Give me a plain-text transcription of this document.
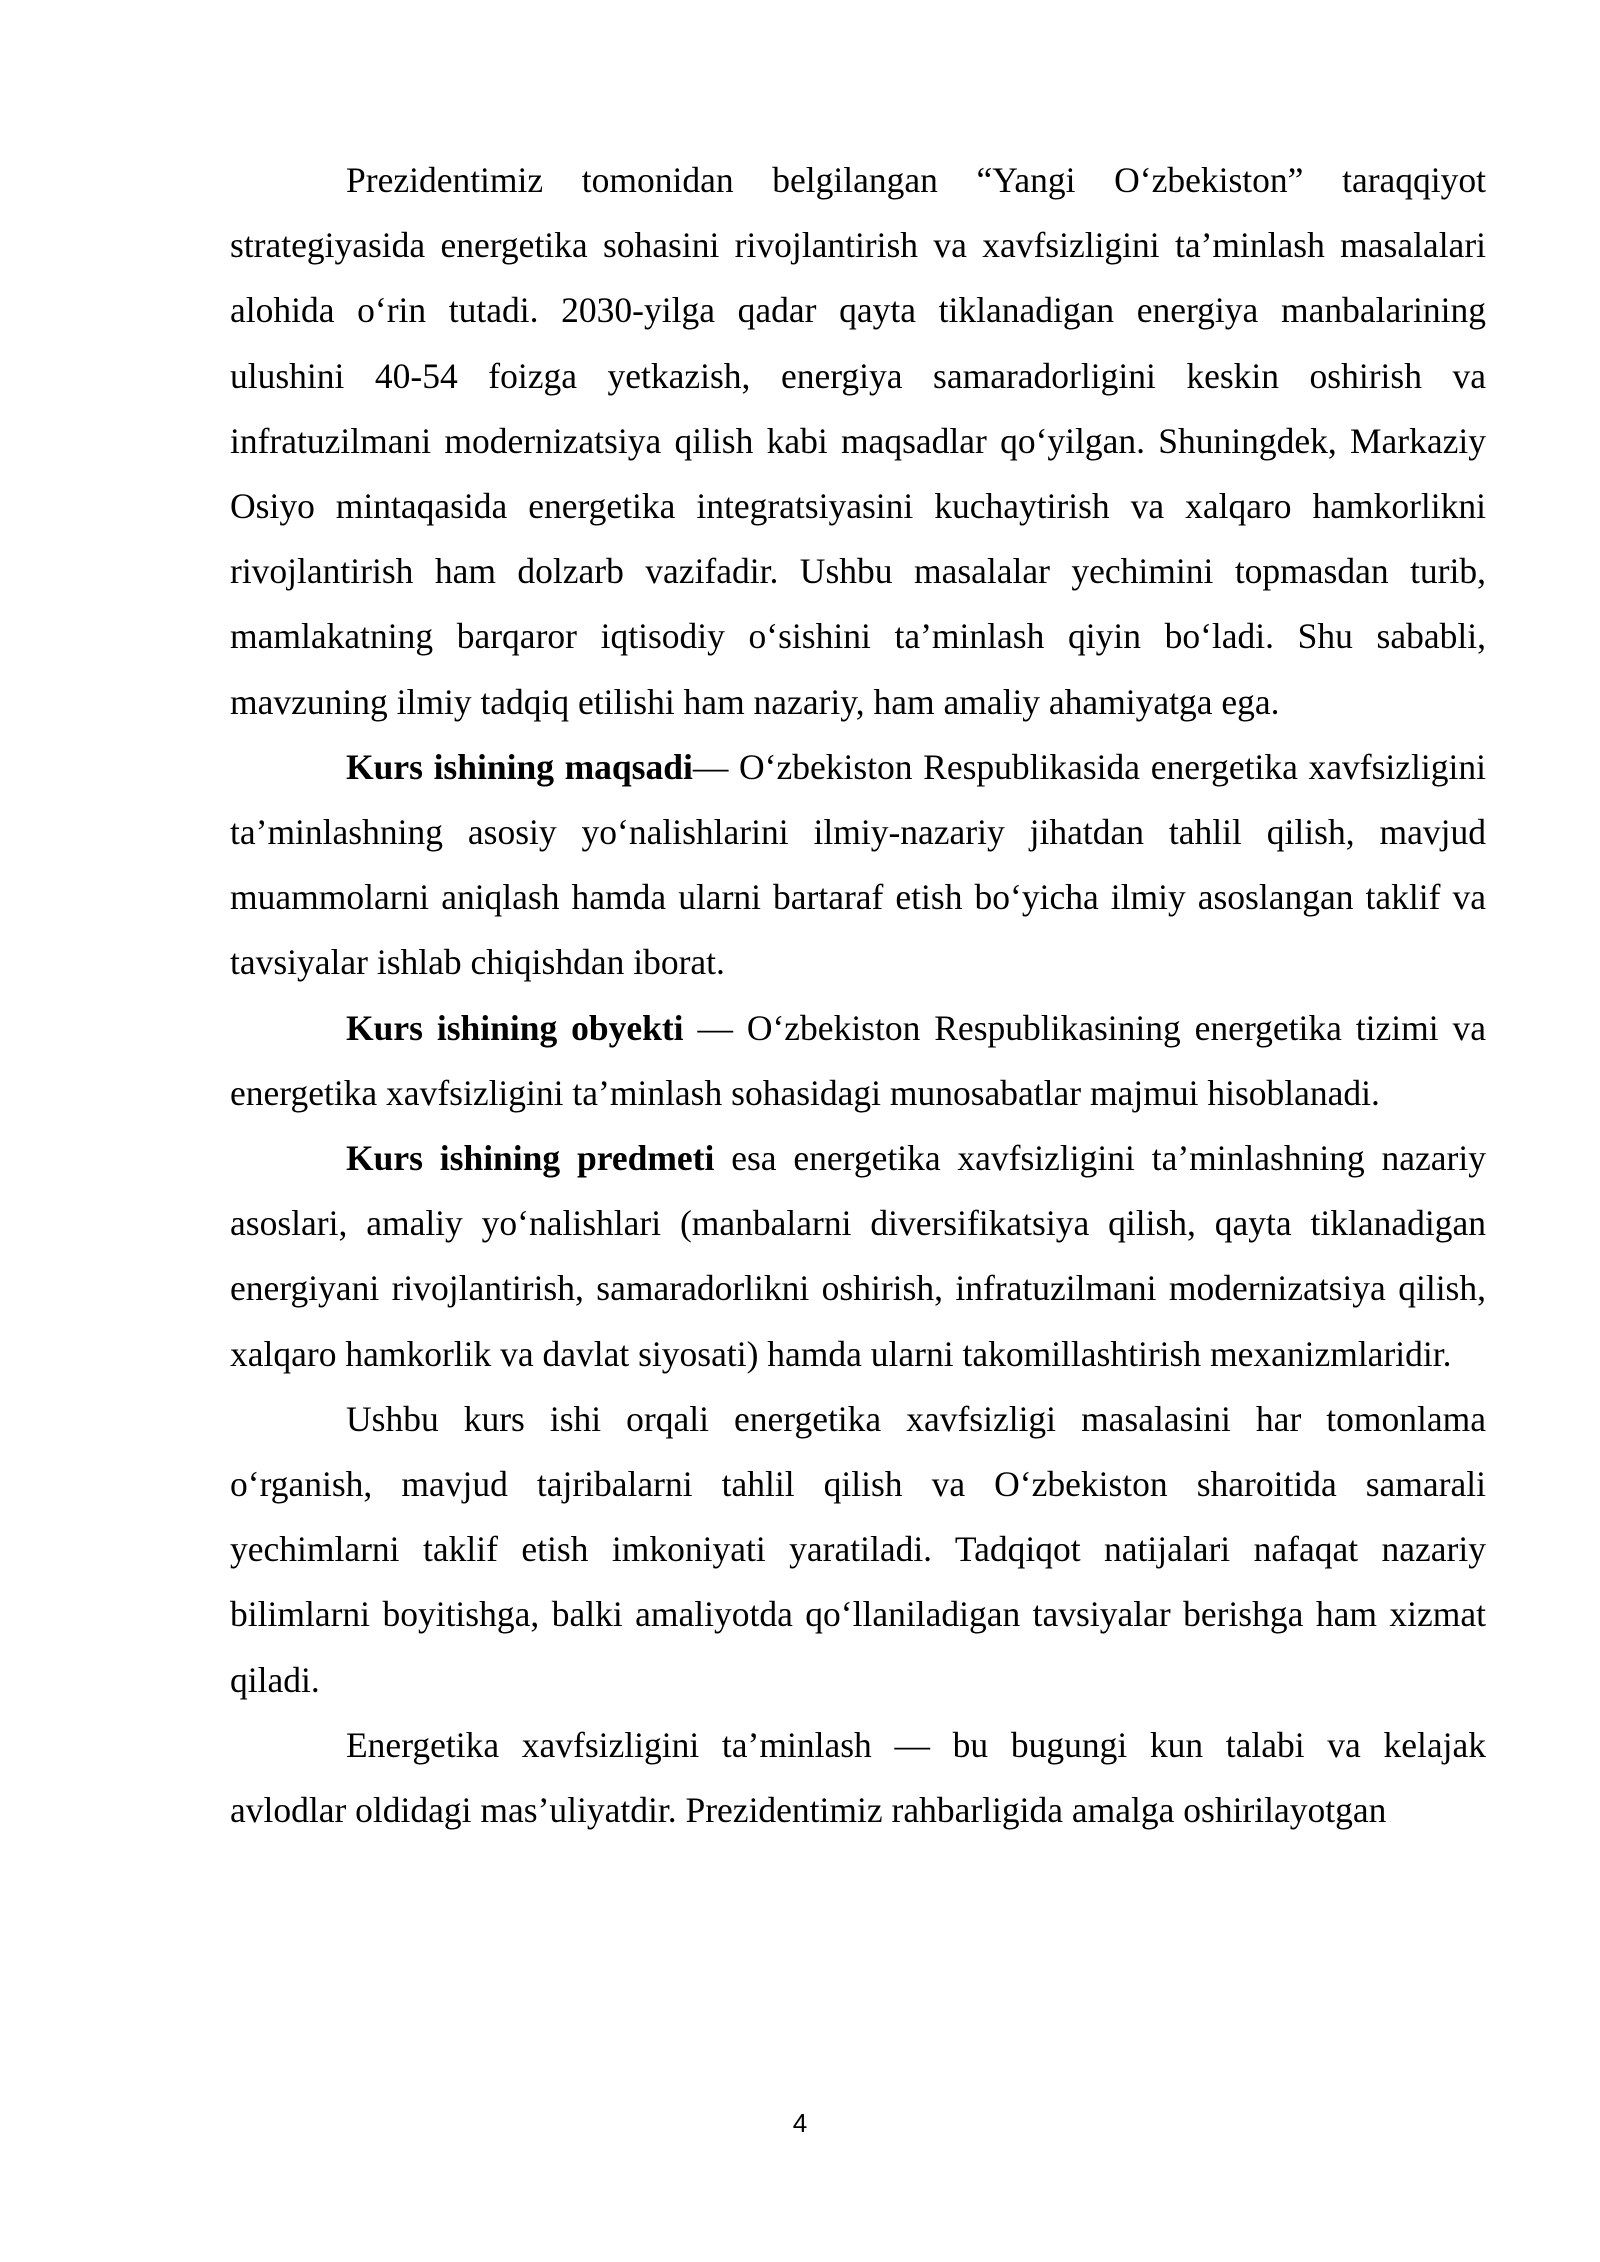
Prezidentimiz tomonidan belgilangan “Yangi O‘zbekiston” taraqqiyot strategiyasida energetika sohasini rivojlantirish va xavfsizligini ta’minlash masalalari alohida o‘rin tutadi. 2030-yilga qadar qayta tiklanadigan energiya manbalarining ulushini 40-54 foizga yetkazish, energiya samaradorligini keskin oshirish va infratuzilmani modernizatsiya qilish kabi maqsadlar qo‘yilgan. Shuningdek, Markaziy Osiyo mintaqasida energetika integratsiyasini kuchaytirish va xalqaro hamkorlikni rivojlantirish ham dolzarb vazifadir. Ushbu masalalar yechimini topmasdan turib, mamlakatning barqaror iqtisodiy o‘sishini ta’minlash qiyin bo‘ladi. Shu sababli, mavzuning ilmiy tadqiq etilishi ham nazariy, ham amaliy ahamiyatga ega.

Kurs ishining maqsadi— O‘zbekiston Respublikasida energetika xavfsizligini ta’minlashning asosiy yo‘nalishlarini ilmiy-nazariy jihatdan tahlil qilish, mavjud muammolarni aniqlash hamda ularni bartaraf etish bo‘yicha ilmiy asoslangan taklif va tavsiyalar ishlab chiqishdan iborat.

Kurs ishining obyekti — O‘zbekiston Respublikasining energetika tizimi va energetika xavfsizligini ta’minlash sohasidagi munosabatlar majmui hisoblanadi.

Kurs ishining predmeti esa energetika xavfsizligini ta’minlashning nazariy asoslari, amaliy yo‘nalishlari (manbalarni diversifikatsiya qilish, qayta tiklanadigan energiyani rivojlantirish, samaradorlikni oshirish, infratuzilmani modernizatsiya qilish, xalqaro hamkorlik va davlat siyosati) hamda ularni takomillashtirish mexanizmlaridir.

Ushbu kurs ishi orqali energetika xavfsizligi masalasini har tomonlama o‘rganish, mavjud tajribalarni tahlil qilish va O‘zbekiston sharoitida samarali yechimlarni taklif etish imkoniyati yaratiladi. Tadqiqot natijalari nafaqat nazariy bilimlarni boyitishga, balki amaliyotda qo‘llaniladigan tavsiyalar berishga ham xizmat qiladi.

Energetika xavfsizligini ta’minlash — bu bugungi kun talabi va kelajak avlodlar oldidagi mas’uliyatdir. Prezidentimiz rahbarligida amalga oshirilayotgan

4
